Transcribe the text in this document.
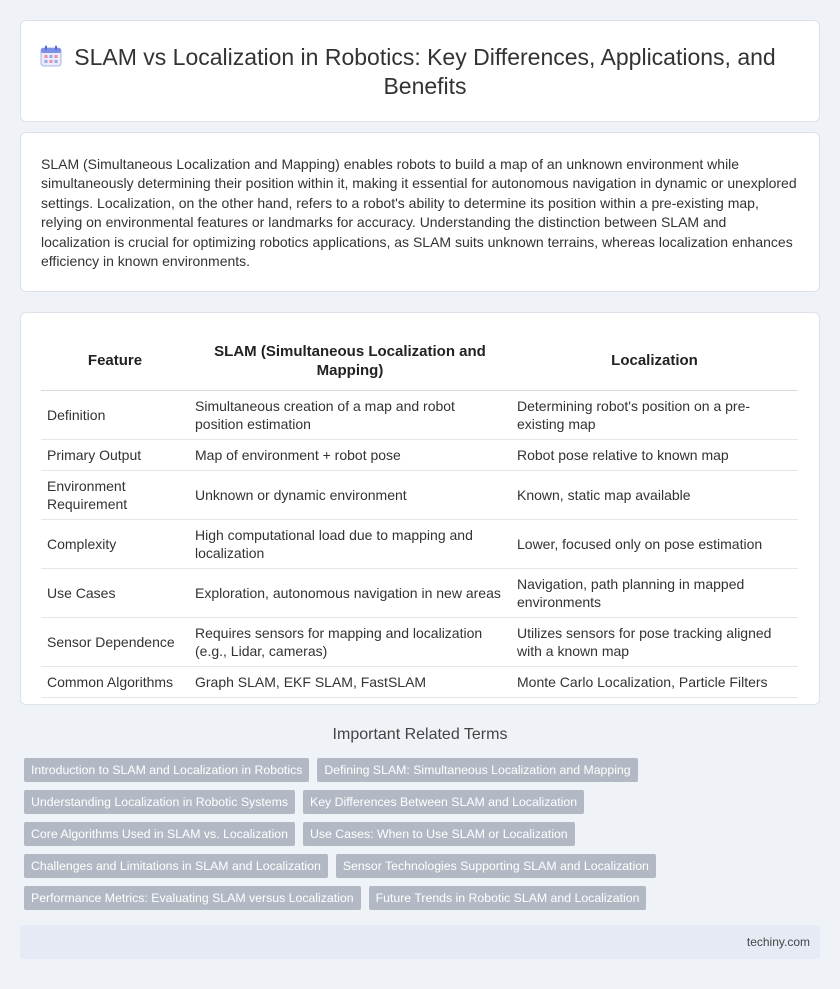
SLAM vs Localization in Robotics: Key Differences, Applications, and Benefits

SLAM (Simultaneous Localization and Mapping) enables robots to build a map of an unknown environment while simultaneously determining their position within it, making it essential for autonomous navigation in dynamic or unexplored settings. Localization, on the other hand, refers to a robot's ability to determine its position within a pre-existing map, relying on environmental features or landmarks for accuracy. Understanding the distinction between SLAM and localization is crucial for optimizing robotics applications, as SLAM suits unknown terrains, whereas localization enhances efficiency in known environments.

Feature	SLAM (Simultaneous Localization and Mapping)	Localization
Definition	Simultaneous creation of a map and robot position estimation	Determining robot's position on a pre-existing map
Primary Output	Map of environment + robot pose	Robot pose relative to known map
Environment Requirement	Unknown or dynamic environment	Known, static map available
Complexity	High computational load due to mapping and localization	Lower, focused only on pose estimation
Use Cases	Exploration, autonomous navigation in new areas	Navigation, path planning in mapped environments
Sensor Dependence	Requires sensors for mapping and localization (e.g., Lidar, cameras)	Utilizes sensors for pose tracking aligned with a known map
Common Algorithms	Graph SLAM, EKF SLAM, FastSLAM	Monte Carlo Localization, Particle Filters
Important Related Terms
Introduction to SLAM and Localization in Robotics	Defining SLAM: Simultaneous Localization and Mapping
Understanding Localization in Robotic Systems	Key Differences Between SLAM and Localization
Core Algorithms Used in SLAM vs. Localization	Use Cases: When to Use SLAM or Localization
Challenges and Limitations in SLAM and Localization	Sensor Technologies Supporting SLAM and Localization
Performance Metrics: Evaluating SLAM versus Localization	Future Trends in Robotic SLAM and Localization
techiny.com
